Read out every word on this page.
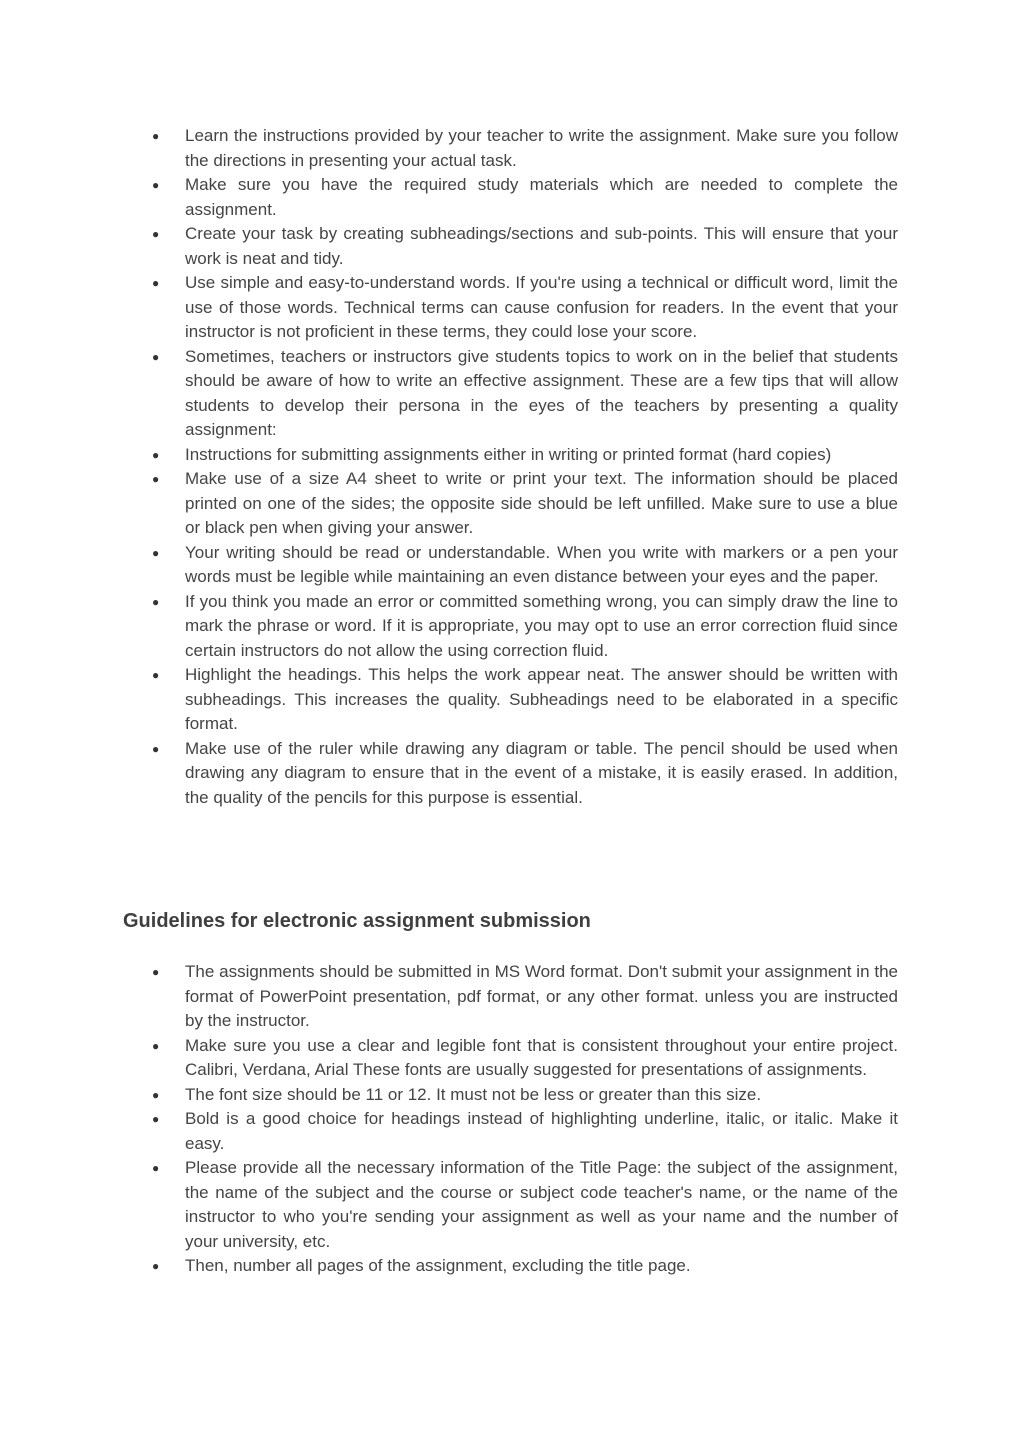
●	Learn the instructions provided by your teacher to write the assignment. Make sure you follow the directions in presenting your actual task.
●	Make sure you have the required study materials which are needed to complete the assignment.
●	Create your task by creating subheadings/sections and sub-points. This will ensure that your work is neat and tidy.
●	Use simple and easy-to-understand words. If you're using a technical or difficult word, limit the use of those words. Technical terms can cause confusion for readers. In the event that your instructor is not proficient in these terms, they could lose your score.
●	Sometimes, teachers or instructors give students topics to work on in the belief that students should be aware of how to write an effective assignment. These are a few tips that will allow students to develop their persona in the eyes of the teachers by presenting a quality assignment:
●	Instructions for submitting assignments either in writing or printed format (hard copies)
●	Make use of a size A4 sheet to write or print your text. The information should be placed printed on one of the sides; the opposite side should be left unfilled. Make sure to use a blue or black pen when giving your answer.
●	Your writing should be read or understandable. When you write with markers or a pen your words must be legible while maintaining an even distance between your eyes and the paper.
●	If you think you made an error or committed something wrong, you can simply draw the line to mark the phrase or word. If it is appropriate, you may opt to use an error correction fluid since certain instructors do not allow the using correction fluid.
●	Highlight the headings. This helps the work appear neat. The answer should be written with subheadings. This increases the quality. Subheadings need to be elaborated in a specific format.
●	Make use of the ruler while drawing any diagram or table. The pencil should be used when drawing any diagram to ensure that in the event of a mistake, it is easily erased. In addition, the quality of the pencils for this purpose is essential.
Guidelines for electronic assignment submission
●	The assignments should be submitted in MS Word format. Don't submit your assignment in the format of PowerPoint presentation, pdf format, or any other format. unless you are instructed by the instructor.
●	Make sure you use a clear and legible font that is consistent throughout your entire project. Calibri, Verdana, Arial These fonts are usually suggested for presentations of assignments.
●	The font size should be 11 or 12. It must not be less or greater than this size.
●	Bold is a good choice for headings instead of highlighting underline, italic, or italic. Make it easy.
●	Please provide all the necessary information of the Title Page: the subject of the assignment, the name of the subject and the course or subject code teacher's name, or the name of the instructor to who you're sending your assignment as well as your name and the number of your university, etc.
●	Then, number all pages of the assignment, excluding the title page.
